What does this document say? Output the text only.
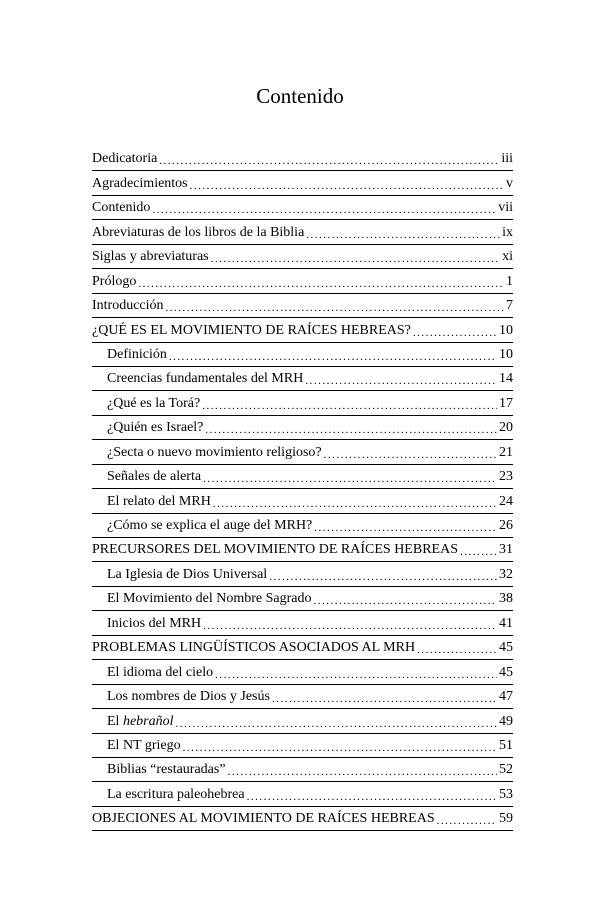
Contenido
Dedicatoria .....	iii
Agradecimientos .....	v
Contenido .....	vii
Abreviaturas de los libros de la Biblia .....	ix
Siglas y abreviaturas .....	xi
Prólogo .....	1
Introducción .....	7
¿QUÉ ES EL MOVIMIENTO DE RAÍCES HEBREAS? .....	10
Definición .....	10
Creencias fundamentales del MRH .....	14
¿Qué es la Torá? .....	17
¿Quién es Israel? .....	20
¿Secta o nuevo movimiento religioso? .....	21
Señales de alerta .....	23
El relato del MRH .....	24
¿Cómo se explica el auge del MRH? .....	26
PRECURSORES DEL MOVIMIENTO DE RAÍCES HEBREAS .....	31
La Iglesia de Dios Universal .....	32
El Movimiento del Nombre Sagrado .....	38
Inicios del MRH .....	41
PROBLEMAS LINGÜÍSTICOS ASOCIADOS AL MRH .....	45
El idioma del cielo .....	45
Los nombres de Dios y Jesús .....	47
El hebrañol .....	49
El NT griego .....	51
Biblias “restauradas” .....	52
La escritura paleohebrea .....	53
OBJECIONES AL MOVIMIENTO DE RAÍCES HEBREAS .....	59
